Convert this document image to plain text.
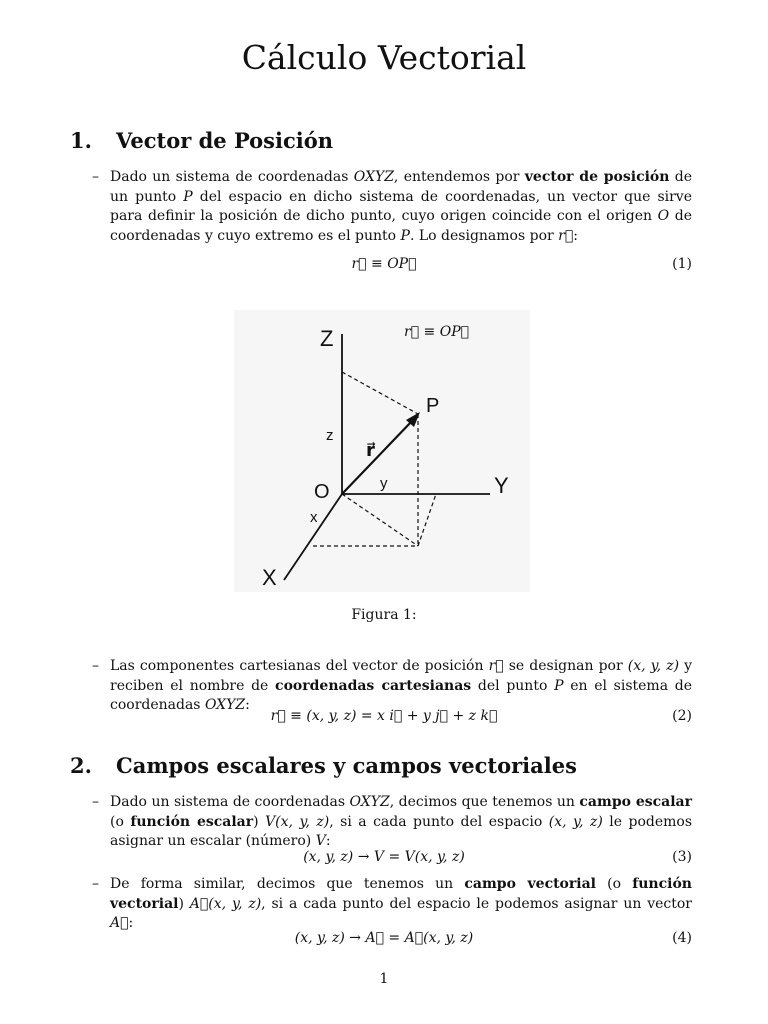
Cálculo Vectorial
1. Vector de Posición
– Dado un sistema de coordenadas OXYZ, entendemos por vector de posición de un punto P del espacio en dicho sistema de coordenadas, un vector que sirve para definir la posición de dicho punto, cuyo origen coincide con el origen O de coordenadas y cuyo extremo es el punto P. Lo designamos por r⃗:
r⃗ ≡ OP⃗	(1)
Z
Y
X
O
P
r⃗
x
y
z
r⃗ ≡ OP⃗
Figura 1:
– Las componentes cartesianas del vector de posición r⃗ se designan por (x, y, z) y reciben el nombre de coordenadas cartesianas del punto P en el sistema de coordenadas OXYZ:
r⃗ ≡ (x, y, z) = x i⃗ + y j⃗ + z k⃗	(2)
2. Campos escalares y campos vectoriales
– Dado un sistema de coordenadas OXYZ, decimos que tenemos un campo escalar (o función escalar) V(x, y, z), si a cada punto del espacio (x, y, z) le podemos asignar un escalar (número) V:
(x, y, z) → V = V(x, y, z)	(3)
– De forma similar, decimos que tenemos un campo vectorial (o función vectorial) A⃗(x, y, z), si a cada punto del espacio le podemos asignar un vector A⃗:
(x, y, z) → A⃗ = A⃗(x, y, z)	(4)
1
